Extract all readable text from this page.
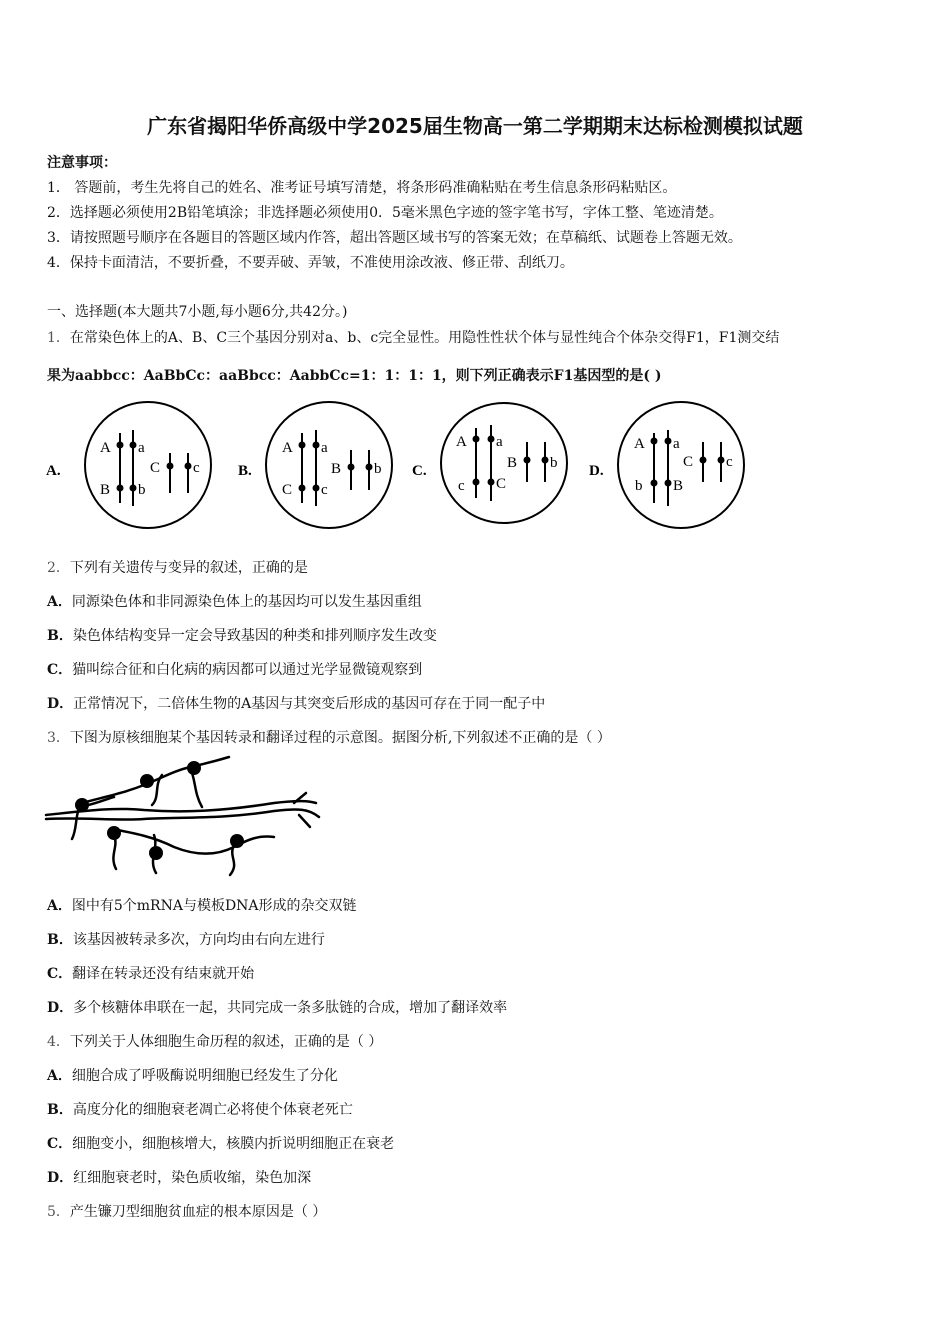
广东省揭阳华侨高级中学2025届生物高一第二学期期末达标检测模拟试题
注意事项：
1． 答题前，考生先将自己的姓名、准考证号填写清楚，将条形码准确粘贴在考生信息条形码粘贴区。
2．选择题必须使用2B铅笔填涂；非选择题必须使用0．5毫米黑色字迹的签字笔书写，字体工整、笔迹清楚。
3．请按照题号顺序在各题目的答题区域内作答，超出答题区域书写的答案无效；在草稿纸、试题卷上答题无效。
4．保持卡面清洁，不要折叠，不要弄破、弄皱，不准使用涂改液、修正带、刮纸刀。
一、选择题(本大题共7小题,每小题6分,共42分。)
1．在常染色体上的A、B、C三个基因分别对a、b、c完全显性。用隐性性状个体与显性纯合个体杂交得F1，F1测交结
果为aabbcc：AaBbCc：aaBbcc：AabbCc=1：1：1：1，则下列正确表示F1基因型的是( )
A.
A a
B b
C c	B.
A a
C c
B b C.
A a
c C
B b D.
A a
b B
C c
2．下列有关遗传与变异的叙述，正确的是
A．同源染色体和非同源染色体上的基因均可以发生基因重组
B．染色体结构变异一定会导致基因的种类和排列顺序发生改变
C．猫叫综合征和白化病的病因都可以通过光学显微镜观察到
D．正常情况下，二倍体生物的A基因与其突变后形成的基因可存在于同一配子中
3．下图为原核细胞某个基因转录和翻译过程的示意图。据图分析,下列叙述不正确的是（ ）
A．图中有5个mRNA与模板DNA形成的杂交双链
B．该基因被转录多次，方向均由右向左进行
C．翻译在转录还没有结束就开始
D．多个核糖体串联在一起，共同完成一条多肽链的合成，增加了翻译效率
4．下列关于人体细胞生命历程的叙述，正确的是（ ）
A．细胞合成了呼吸酶说明细胞已经发生了分化
B．高度分化的细胞衰老凋亡必将使个体衰老死亡
C．细胞变小，细胞核增大，核膜内折说明细胞正在衰老
D．红细胞衰老时，染色质收缩，染色加深
5．产生镰刀型细胞贫血症的根本原因是（ ）
